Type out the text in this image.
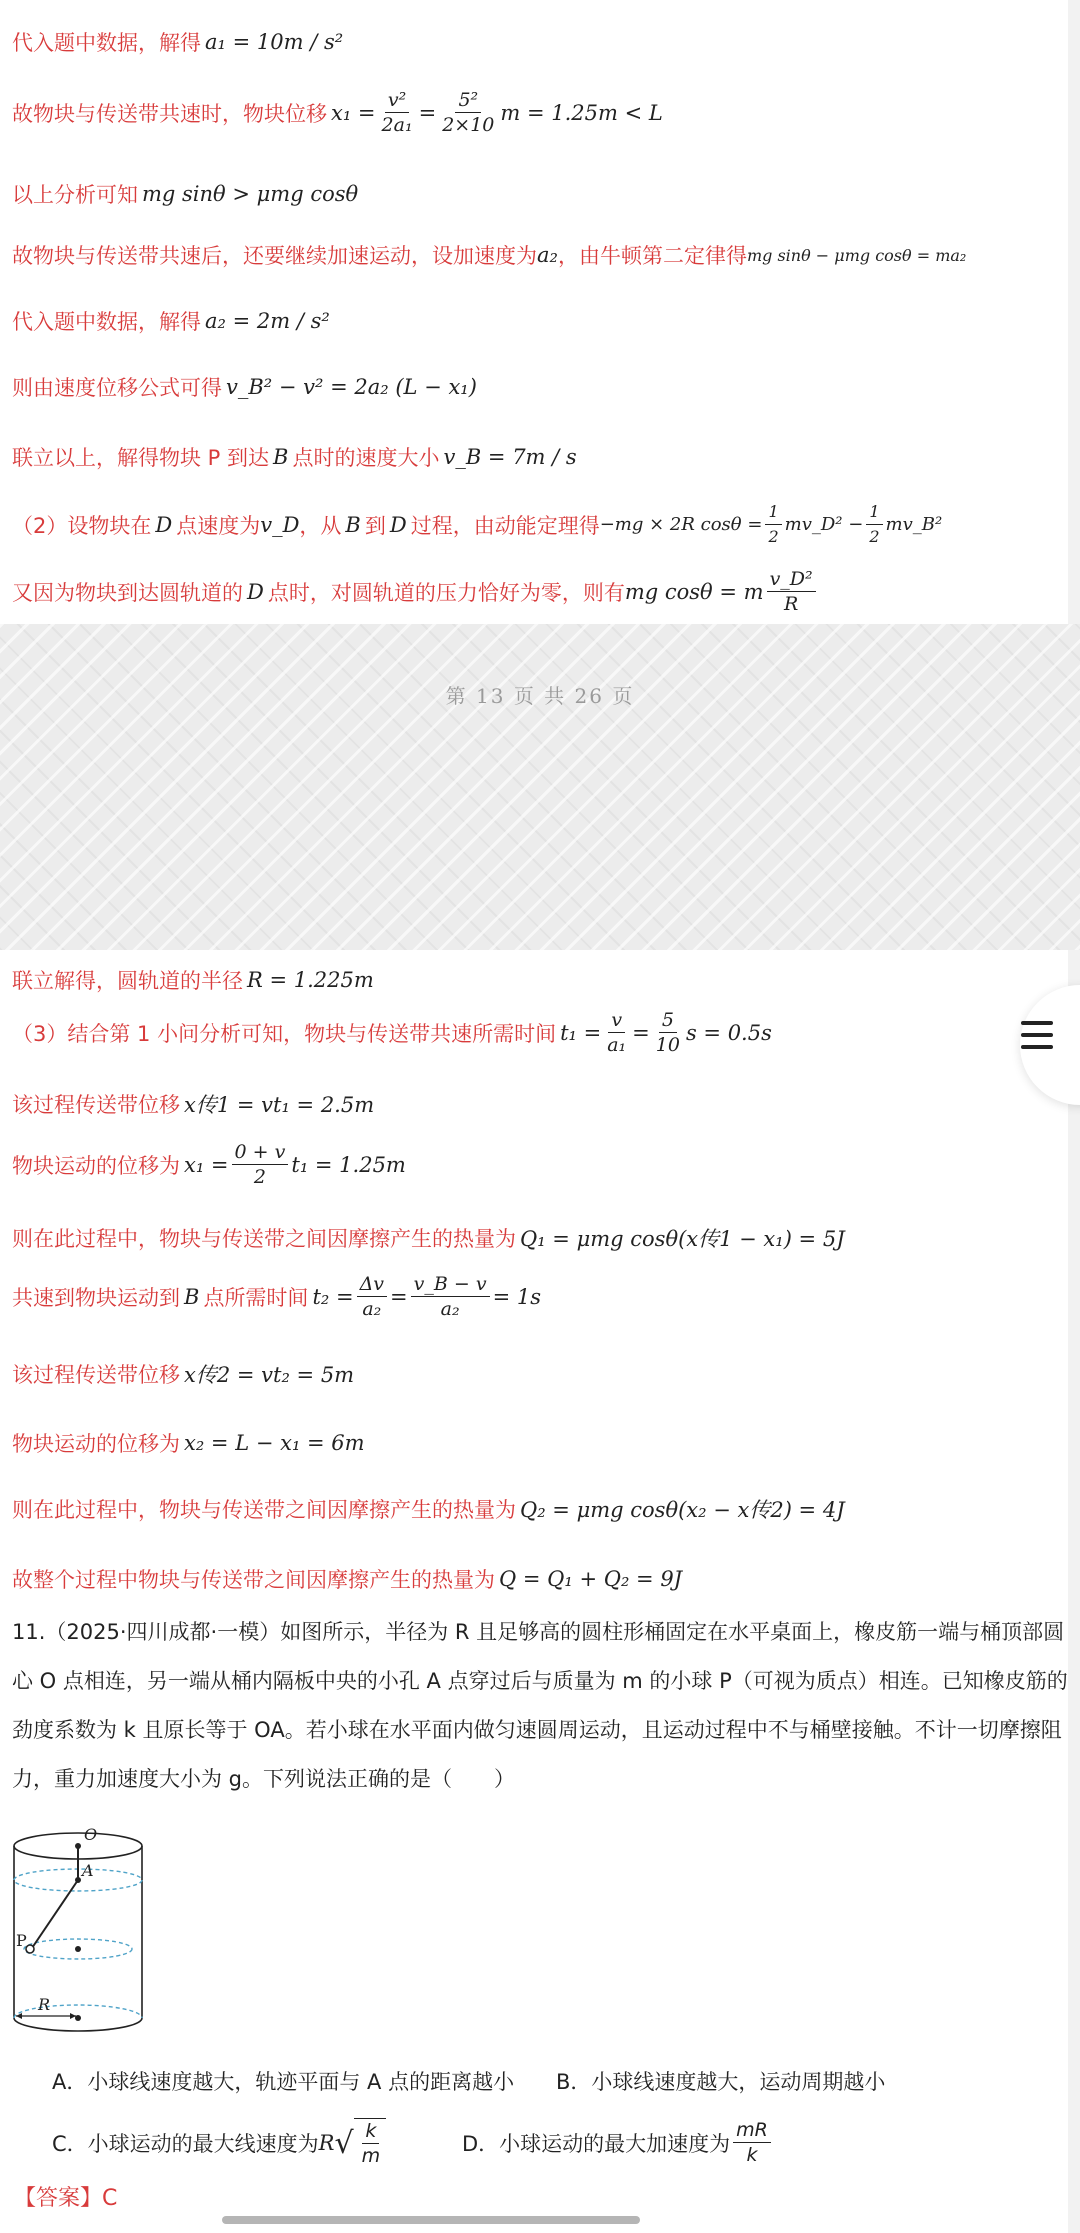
代入题中数据，解得 a₁ = 10m / s²
故物块与传送带共速时，物块位移 $x_1 = \frac{\text{v²}}{\text{2a₁}} = \frac{\text{5²}}{2\times 10}$ m = 1.25m < L
以上分析可知 mg sinθ > μmg cosθ
故物块与传送带共速后，还要继续加速运动，设加速度为 a₂ ，由牛顿第二定律得 mg sinθ − μmg cosθ = ma₂
代入题中数据，解得 a₂ = 2m / s²
则由速度位移公式可得 v_B² − v² = 2a₂ (L − x₁)
联立以上，解得物块 P 到达 B 点时的速度大小 v_B = 7m / s
（2）设物块在 D 点速度为 v_D ，从 B 到 D 过程，由动能定理得 −mg × 2R $\cos\theta = \frac{1}{2}$ mv_D² − $\frac{1}{2}$ mv_B²
又因为物块到达圆轨道的 D 点时，对圆轨道的压力恰好为零，则有 mg cosθ = m $\frac{\text{v\_D²}}{R}$
第 13 页 共 26 页
联立解得，圆轨道的半径 R = 1.225m
（3）结合第 1 小问分析可知，物块与传送带共速所需时间 $t_1 = \frac{v}{\text{a₁}} = \frac{5}{10}$ s = 0.5s
该过程传送带位移 x传1 = vt₁ = 2.5m
物块运动的位移为 $x_1 = \frac{0 + v}{2} t_1 = 1.25m$
则在此过程中，物块与传送带之间因摩擦产生的热量为 Q₁ = μmg cosθ(x传1 − x₁) = 5J
共速到物块运动到 B 点所需时间 $t_2 = \frac{\Delta v}{\text{a₂}} = \frac{v\_B - v}{\text{a₂}} = 1s$
该过程传送带位移 x传2 = vt₂ = 5m
物块运动的位移为 x₂ = L − x₁ = 6m
则在此过程中，物块与传送带之间因摩擦产生的热量为 Q₂ = μmg cosθ(x₂ − x传2) = 4J
故整个过程中物块与传送带之间因摩擦产生的热量为 Q = Q₁ + Q₂ = 9J
11.（2025·四川成都·一模）如图所示，半径为 R 且足够高的圆柱形桶固定在水平桌面上，橡皮筋一端与桶顶部圆心 O 点相连，另一端从桶内隔板中央的小孔 A 点穿过后与质量为 m 的小球 P（可视为质点）相连。已知橡皮筋的劲度系数为 k 且原长等于 OA。若小球在水平面内做匀速圆周运动，且运动过程中不与桶壁接触。不计一切摩擦阻力，重力加速度大小为 g。下列说法正确的是（　　）
O
A
P
R
A．小球线速度越大，轨迹平面与 A 点的距离越小 B．小球线速度越大，运动周期越小
C．小球运动的最大线速度为 R √ $\frac{k}{m}$	D．小球运动的最大加速度为 $\frac{mR}{k}$
【答案】C
